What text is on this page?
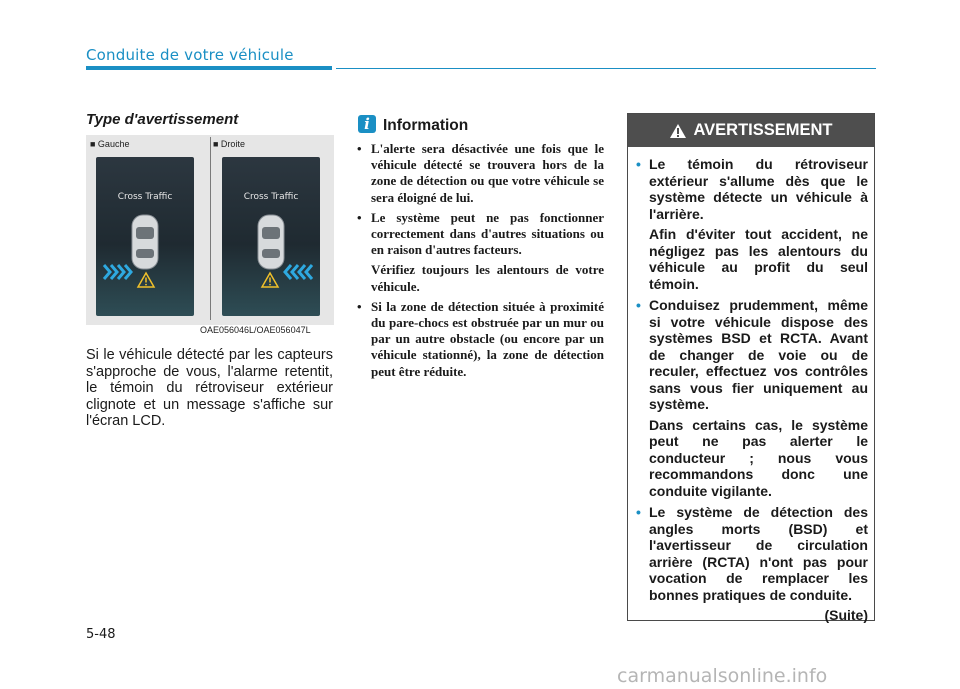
Conduite de votre véhicule
Type d'avertissement
■ Gauche	■ Droite
Cross Traffic	Cross Traffic
OAE056046L/OAE056047L
Si le véhicule détecté par les capteurs s'approche de vous, l'alarme retentit, le témoin du rétroviseur extérieur clignote et un message s'affiche sur l'écran LCD.
i Information

• L'alerte sera désactivée une fois que le véhicule détecté se trouvera hors de la zone de détection ou que votre véhicule se sera éloigné de lui.

• Le système peut ne pas fonctionner correctement dans d'autres situations ou en raison d'autres facteurs.

Vérifiez toujours les alentours de votre véhicule.

• Si la zone de détection située à proximité du pare-chocs est obstruée par un mur ou par un autre obstacle (ou encore par un véhicule stationné), la zone de détection peut être réduite.

AVERTISSEMENT

• Le témoin du rétroviseur extérieur s'allume dès que le système détecte un véhicule à l'arrière.

Afin d'éviter tout accident, ne négligez pas les alentours du véhicule au profit du seul témoin.

• Conduisez prudemment, même si votre véhicule dispose des systèmes BSD et RCTA. Avant de changer de voie ou de reculer, effectuez vos contrôles sans vous fier uniquement au système.

Dans certains cas, le système peut ne pas alerter le conducteur ; nous vous recommandons donc une conduite vigilante.

• Le système de détection des angles morts (BSD) et l'avertisseur de circulation arrière (RCTA) n'ont pas pour vocation de remplacer les bonnes pratiques de conduite.

(Suite)
5-48
carmanualsonline.info
